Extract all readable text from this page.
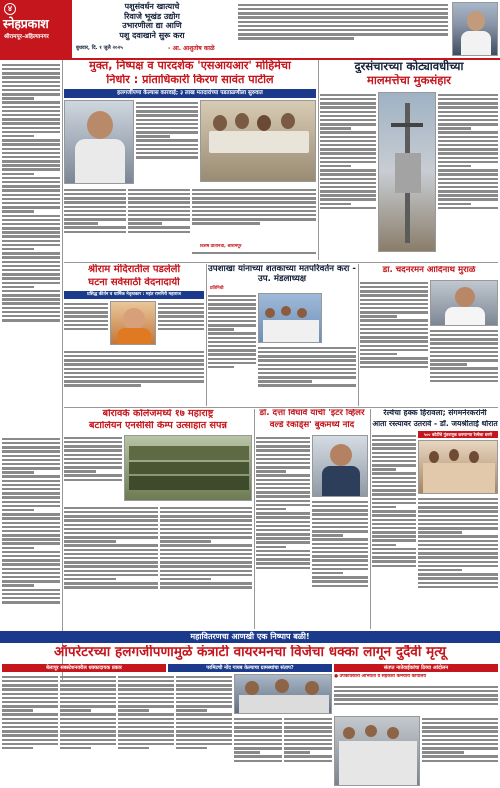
४
स्नेहप्रकाश
श्रीरामपूर-अहिल्यानगर
बुधवार, दि. १ जुलै २०२५
पशुसंवर्धन खात्याचे
रिवाजे भूखंड उद्योग
उभारणीला द्या आणि
पशु दवाखाने सुरू करा
- आ. आशुतोष काळे
मुक्त, निष्पक्ष व पारदर्शक 'एसआयआर' मोहिमेचा
निर्धार : प्रांताधिकारी किरण सावंत पाटील
हलगर्जीपणा केल्यास कारवाई; ३ लाख मतदारांच्या पडताळणीला सुरुवात
विशेष प्रतिनिधी, श्रीरामपूर
दुरसंचारच्या कोट्यावधीच्या
मालमत्तेचा मुकसंहार
श्रीराम मंदिरातील पडलेली
घटना सर्वसाठी वेदनादायी
प्रसिद्ध कीर्तन व धार्मिक नेतृत्वकार : महंत रामगिरी महाराज
उपशाखा यांनाच्या शतकाच्या मतपरिवर्तन करा - उप. मंडलाध्यक्ष
प्रतिनिधी
डा. चंदनरमन आदिनाथ मुराळे
बोरावके कॉलेजमध्ये १७ महाराष्ट्र
बटालियन एनसीसी कॅम्प उत्साहात संपन्न
डॉ. दत्ता विघावे यांची 'इंटर व्हिलर
वर्ल्ड रेकॉर्ड्स' बुकमध्ये नोंद
रेल्वेचा हक्क हिरावला; संगमनेरकरांनी
आता रस्त्यावर उतरावे - डॉ. जयश्रीताई थोरात
५०० कोटींचे गुंतवणूक करणाऱ्या रेल्वेचा धरणे
महावितरणचा आणखी एक निष्पाप बळी!
ऑपरेटरच्या हलगर्जीपणामुळे कंत्राटी वायरमनचा विजेचा धक्का लागून दुर्दैवी मृत्यू
बेलापूर सबस्टेशनवरील धक्कादायक प्रकार	परमिटची नोंद गायब केल्याचा ग्रामस्थांचा संताप?	संतप्त नातेवाईकांचा ठिय्या आंदोलन
● उपकार्यकारी अभियंता व सहकारी कर्मचारी कार्यालय
